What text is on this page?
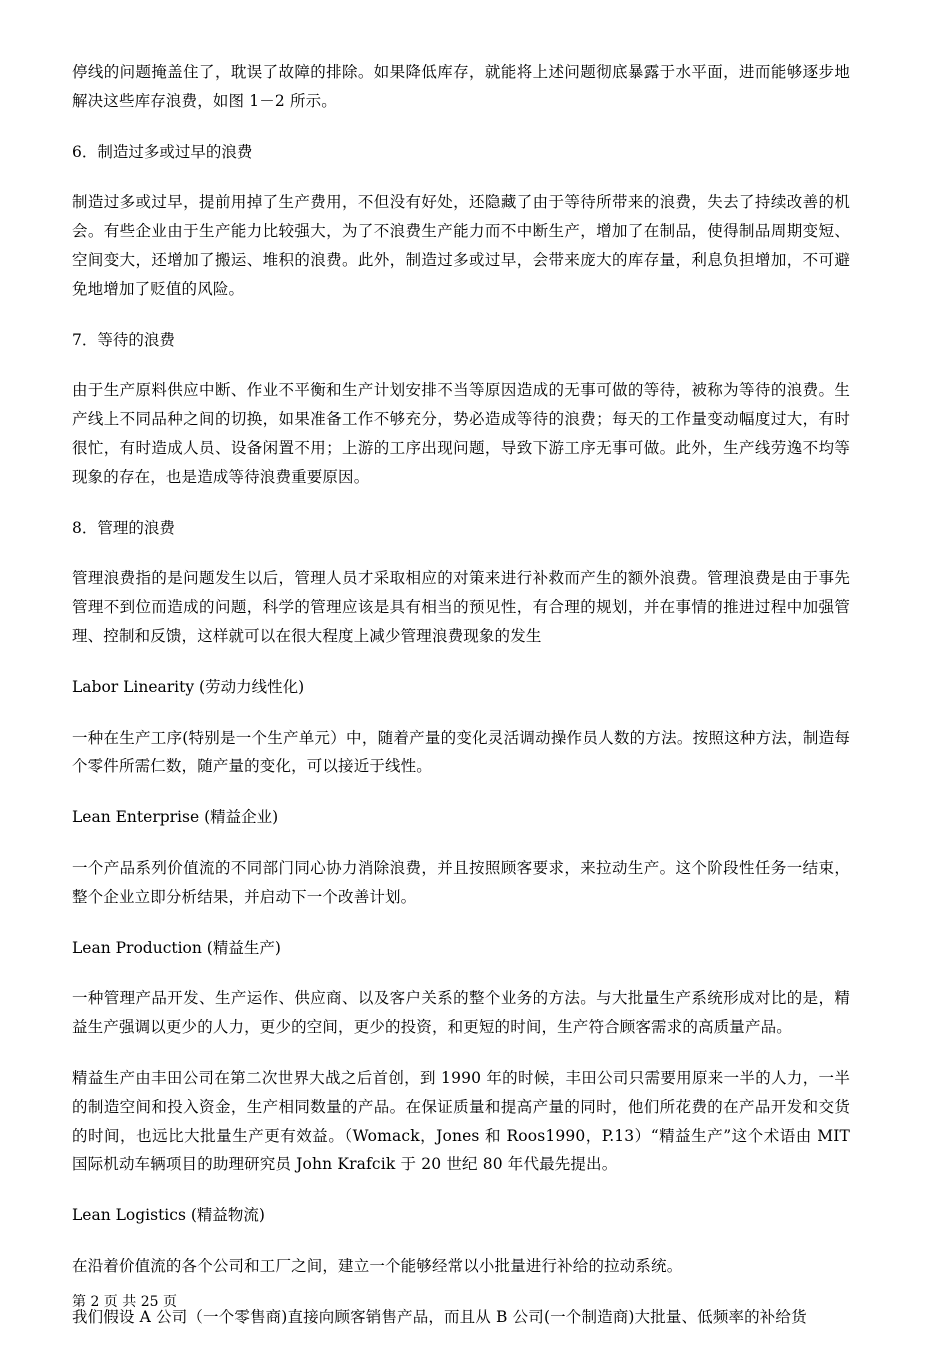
停线的问题掩盖住了，耽误了故障的排除。如果降低库存，就能将上述问题彻底暴露于水平面，进而能够逐步地解决这些库存浪费，如图 1－2 所示。

6．制造过多或过早的浪费

制造过多或过早，提前用掉了生产费用，不但没有好处，还隐藏了由于等待所带来的浪费，失去了持续改善的机会。有些企业由于生产能力比较强大，为了不浪费生产能力而不中断生产，增加了在制品，使得制品周期变短、空间变大，还增加了搬运、堆积的浪费。此外，制造过多或过早，会带来庞大的库存量，利息负担增加，不可避免地增加了贬值的风险。

7．等待的浪费

由于生产原料供应中断、作业不平衡和生产计划安排不当等原因造成的无事可做的等待，被称为等待的浪费。生产线上不同品种之间的切换，如果准备工作不够充分，势必造成等待的浪费；每天的工作量变动幅度过大，有时很忙，有时造成人员、设备闲置不用；上游的工序出现问题，导致下游工序无事可做。此外，生产线劳逸不均等现象的存在，也是造成等待浪费重要原因。

8．管理的浪费

管理浪费指的是问题发生以后，管理人员才采取相应的对策来进行补救而产生的额外浪费。管理浪费是由于事先管理不到位而造成的问题，科学的管理应该是具有相当的预见性，有合理的规划，并在事情的推进过程中加强管理、控制和反馈，这样就可以在很大程度上减少管理浪费现象的发生

Labor Linearity (劳动力线性化)

一种在生产工序(特别是一个生产单元）中，随着产量的变化灵活调动操作员人数的方法。按照这种方法，制造每个零件所需仁数，随产量的变化，可以接近于线性。

Lean Enterprise (精益企业)

一个产品系列价值流的不同部门同心协力消除浪费，并且按照顾客要求，来拉动生产。这个阶段性任务一结束，整个企业立即分析结果，并启动下一个改善计划。

Lean Production (精益生产)

一种管理产品开发、生产运作、供应商、以及客户关系的整个业务的方法。与大批量生产系统形成对比的是，精益生产强调以更少的人力，更少的空间，更少的投资，和更短的时间，生产符合顾客需求的高质量产品。

精益生产由丰田公司在第二次世界大战之后首创，到 1990 年的时候，丰田公司只需要用原来一半的人力，一半的制造空间和投入资金，生产相同数量的产品。在保证质量和提高产量的同时，他们所花费的在产品开发和交货的时间，也远比大批量生产更有效益。（Womack，Jones 和 Roos1990，P.13）“精益生产”这个术语由 MIT 国际机动车辆项目的助理研究员 John Krafcik 于 20 世纪 80 年代最先提出。

Lean Logistics (精益物流)

在沿着价值流的各个公司和工厂之间，建立一个能够经常以小批量进行补给的拉动系统。

我们假设 A 公司（一个零售商)直接向顾客销售产品，而且从 B 公司(一个制造商)大批量、低频率的补给货

第 2 页 共 25 页
